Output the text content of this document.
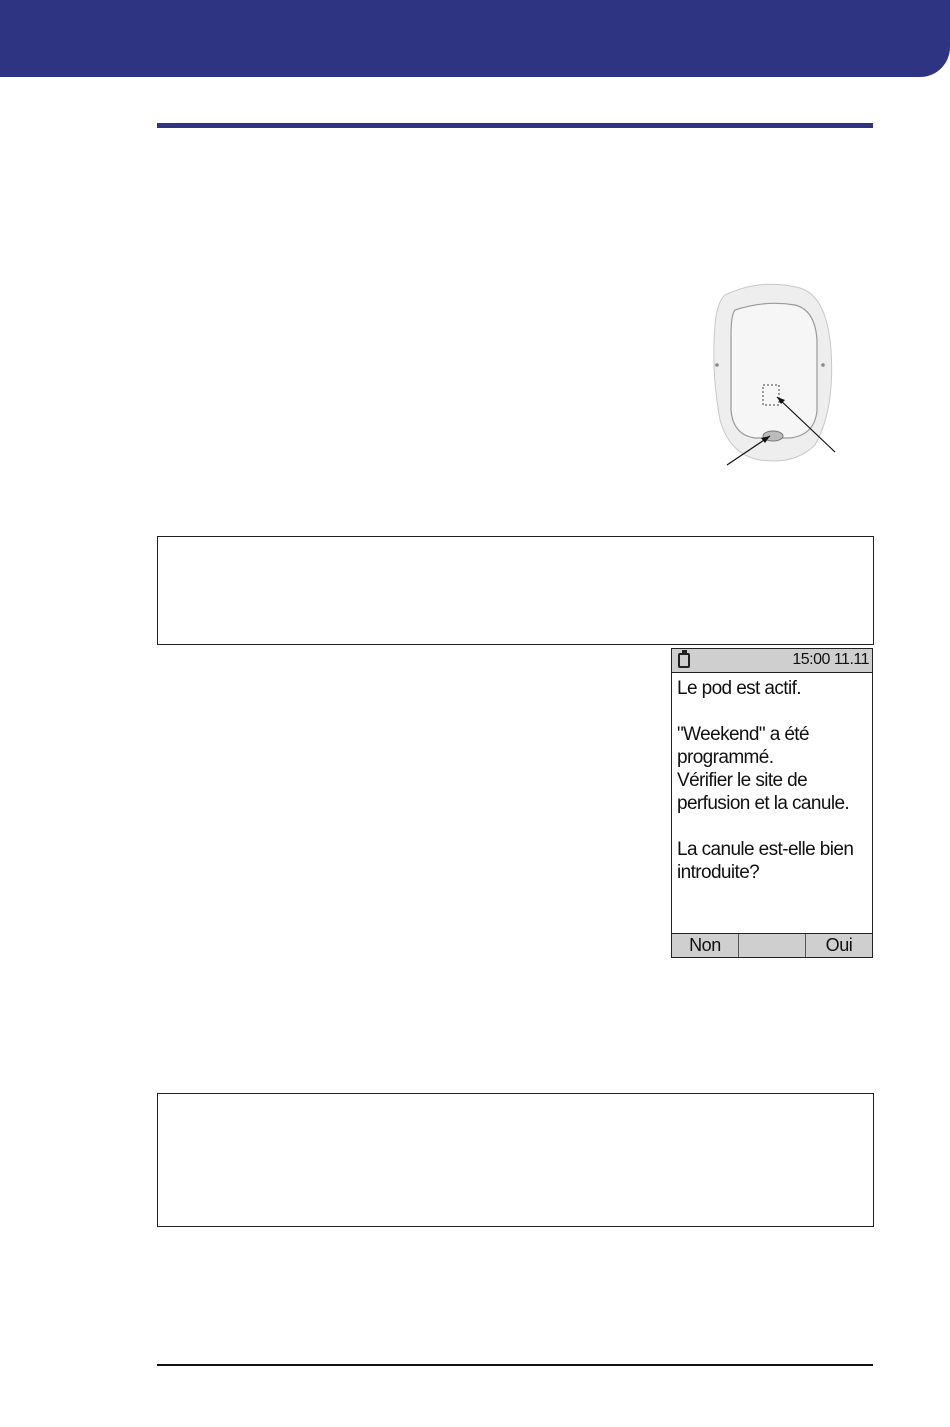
15:00 11.11

Le pod est actif.

"Weekend" a été

programmé.

Vérifier le site de

perfusion et la canule.

La canule est-elle bien

introduite?

Non	Oui
